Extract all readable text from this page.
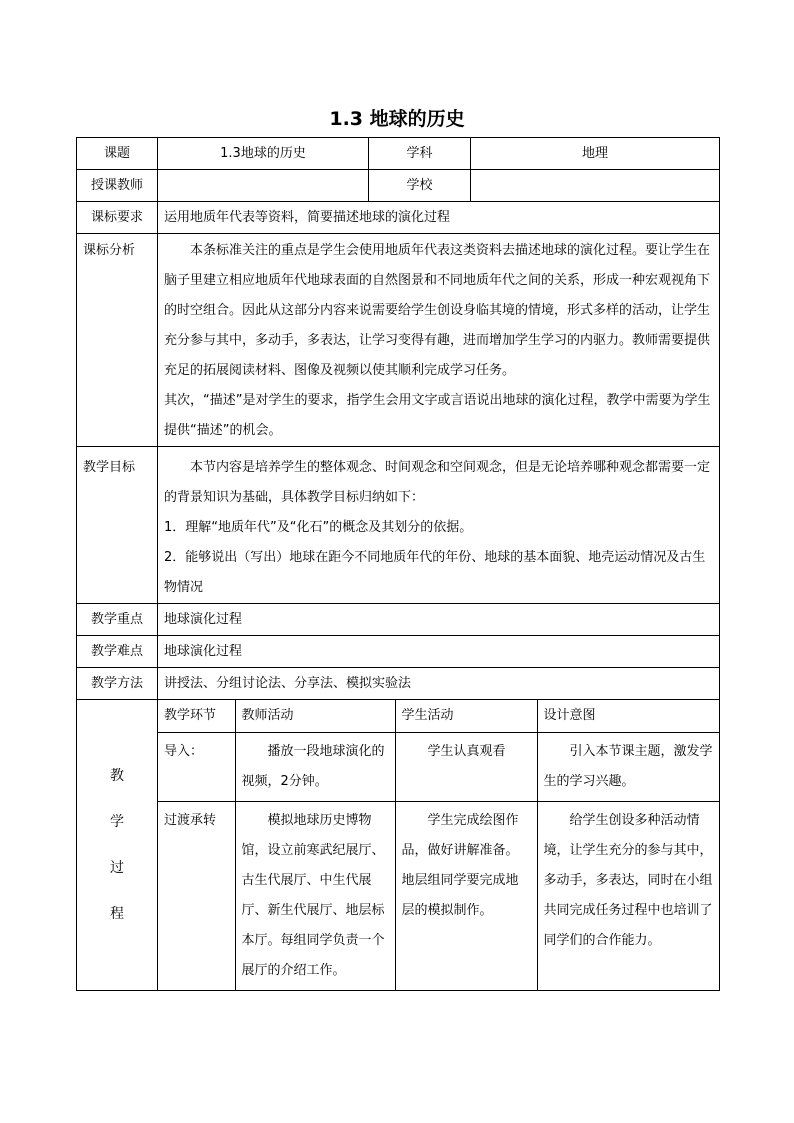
1.3 地球的历史
课题	1.3地球的历史	学科	地理
授课教师		学校	
课标要求	运用地质年代表等资料，简要描述地球的演化过程
课标分析	本条标准关注的重点是学生会使用地质年代表这类资料去描述地球的演化过程。要让学生在脑子里建立相应地质年代地球表面的自然图景和不同地质年代之间的关系，形成一种宏观视角下的时空组合。因此从这部分内容来说需要给学生创设身临其境的情境，形式多样的活动，让学生充分参与其中，多动手，多表达，让学习变得有趣，进而增加学生学习的内驱力。教师需要提供充足的拓展阅读材料、图像及视频以使其顺利完成学习任务。
其次，“描述”是对学生的要求，指学生会用文字或言语说出地球的演化过程，教学中需要为学生提供“描述”的机会。

教学目标	本节内容是培养学生的整体观念、时间观念和空间观念，但是无论培养哪种观念都需要一定的背景知识为基础，具体教学目标归纳如下：
1．理解“地质年代”及“化石”的概念及其划分的依据。
2．能够说出（写出）地球在距今不同地质年代的年份、地球的基本面貌、地壳运动情况及古生物情况

教学重点	地球演化过程
教学难点	地球演化过程
教学方法	讲授法、分组讨论法、分享法、模拟实验法

教
学
过
程

教学环节	教师活动	学生活动	设计意图
导入：	播放一段地球演化的视频，2分钟。	学生认真观看	引入本节课主题，激发学生的学习兴趣。
过渡承转	模拟地球历史博物馆，设立前寒武纪展厅、古生代展厅、中生代展厅、新生代展厅、地层标本厅。每组同学负责一个展厅的介绍工作。	学生完成绘图作品，做好讲解准备。地层组同学要完成地层的模拟制作。	给学生创设多种活动情境，让学生充分的参与其中，多动手，多表达，同时在小组共同完成任务过程中也培训了同学们的合作能力。
